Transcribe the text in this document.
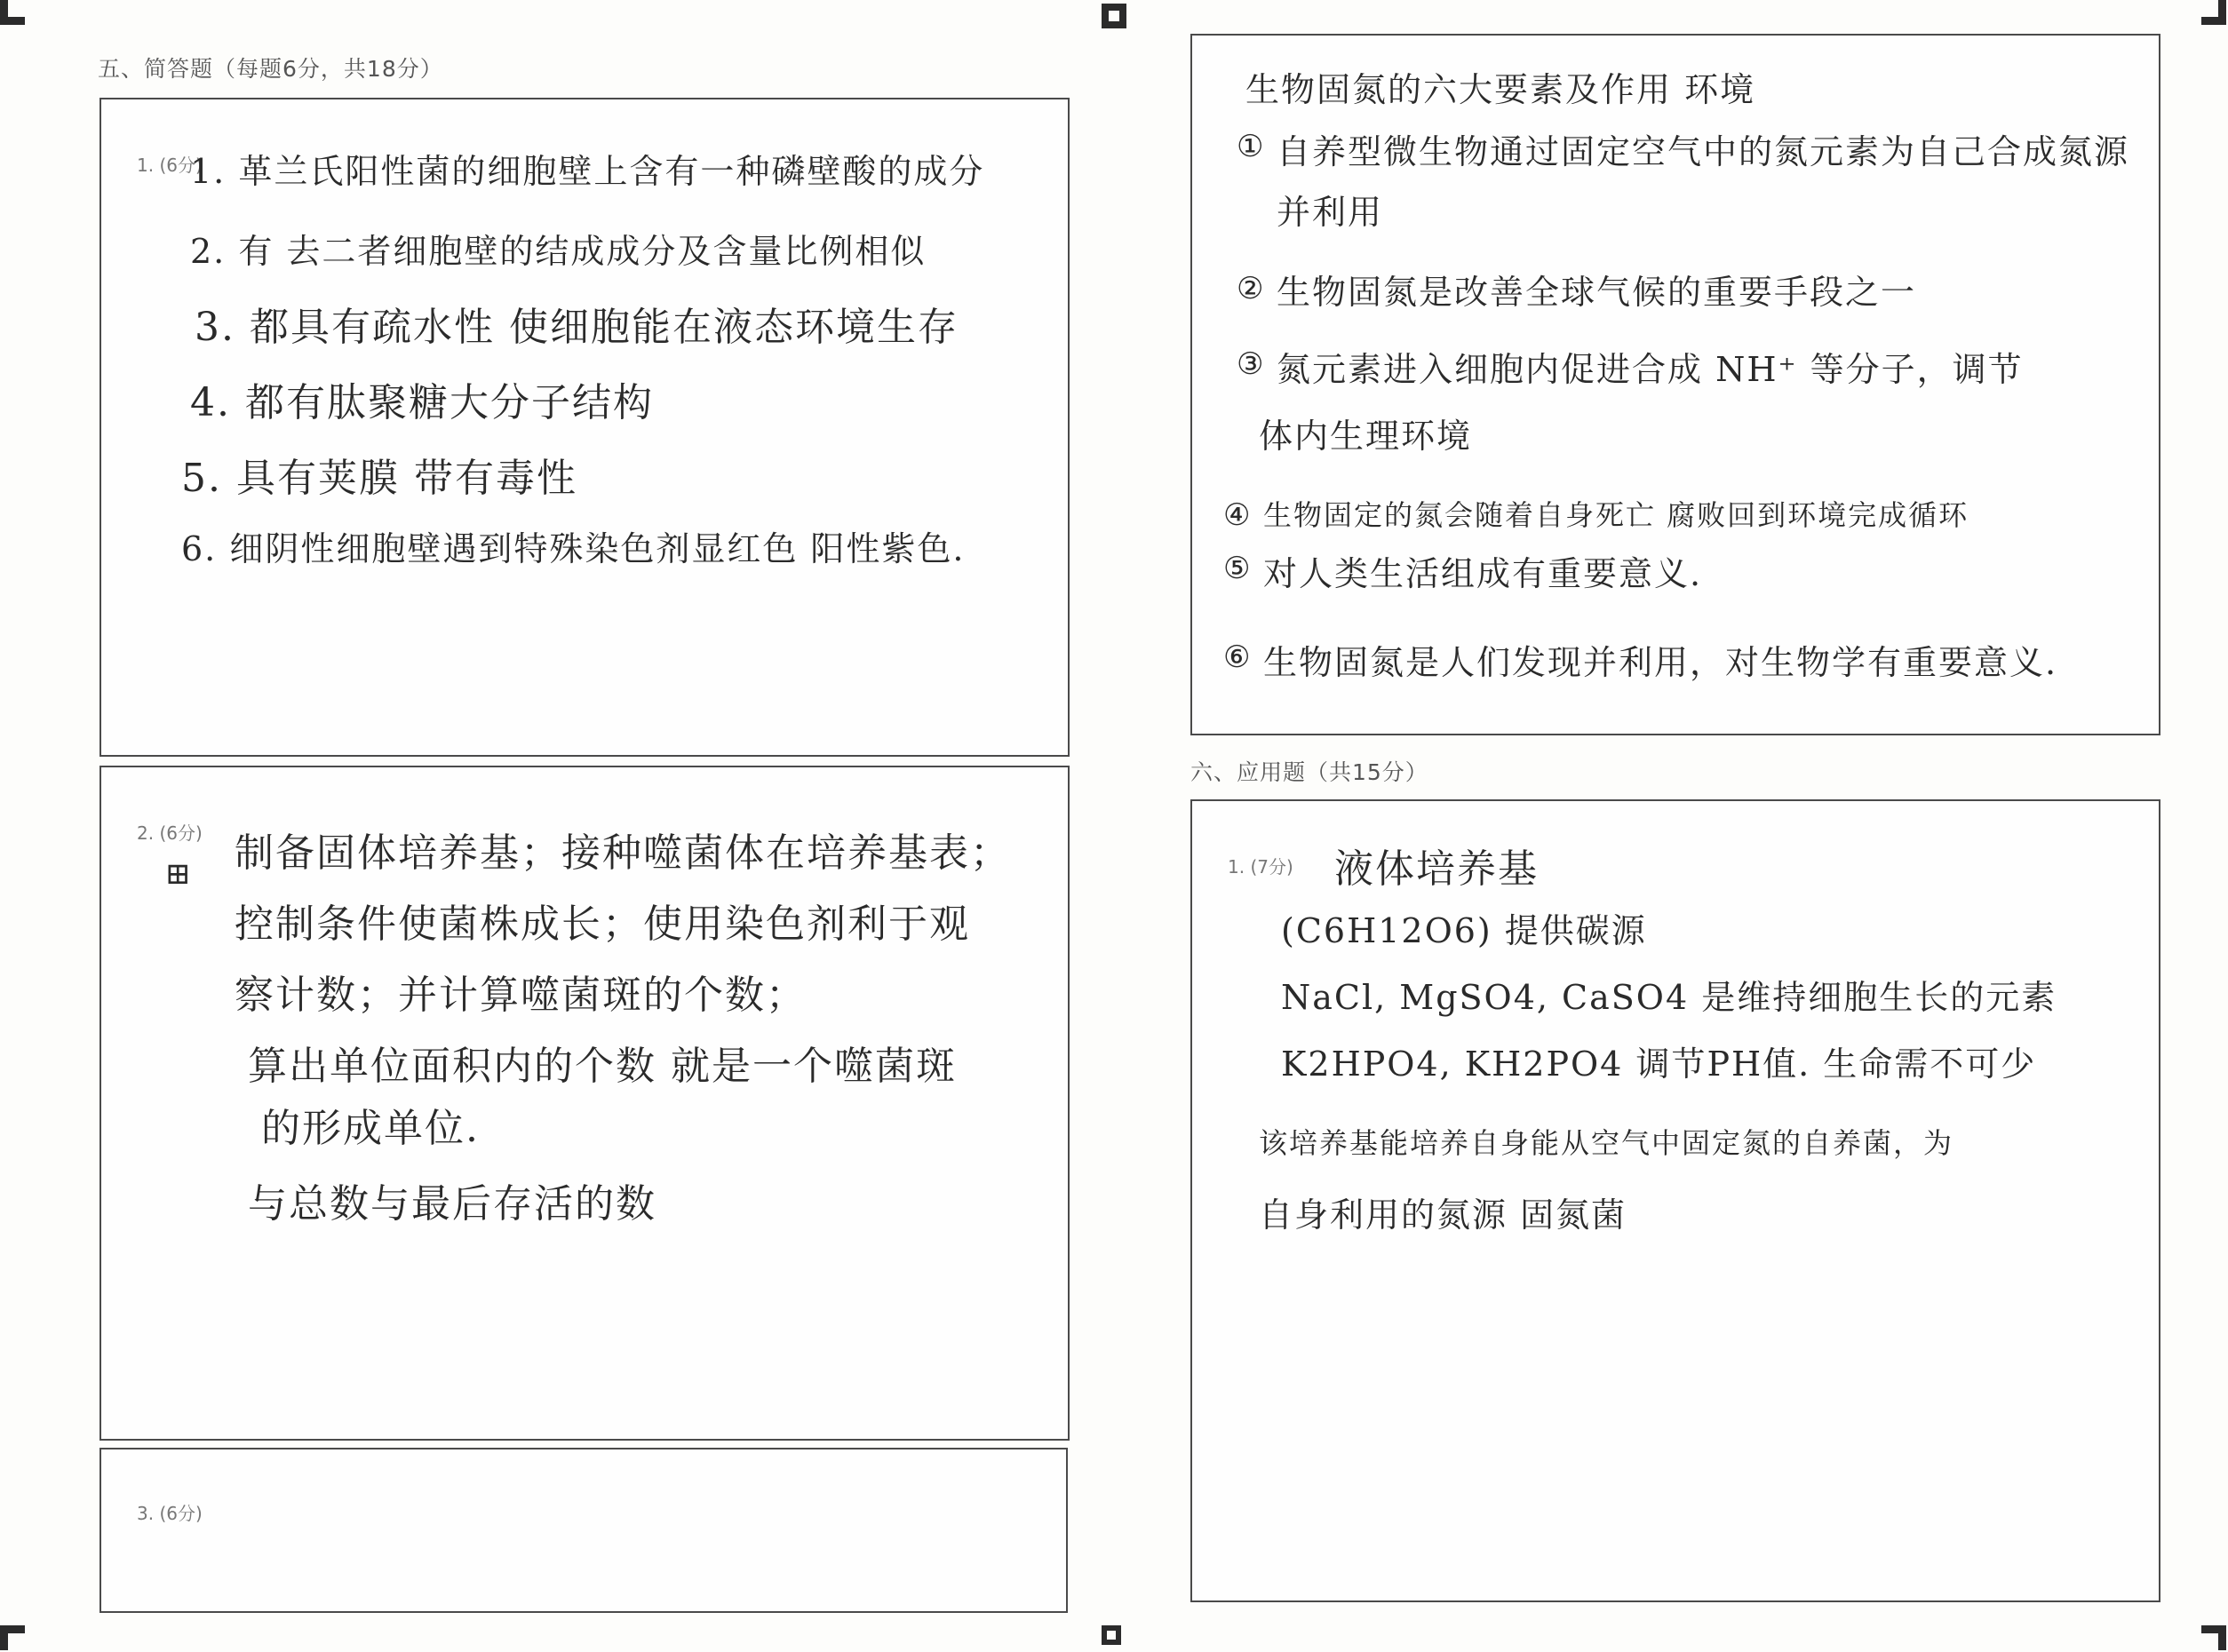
五、简答题（每题6分，共18分）
1. (6分)
1. 革兰氏阳性菌的细胞壁上含有一种磷壁酸的成分
2. 有 去二者细胞壁的结成成分及含量比例相似
3. 都具有疏水性 使细胞能在液态环境生存
4. 都有肽聚糖大分子结构
5. 具有荚膜 带有毒性
6. 细阴性细胞壁遇到特殊染色剂显红色 阳性紫色.
2. (6分)
⊞ 制备固体培养基；接种噬菌体在培养基表；
控制条件使菌株成长；使用染色剂利于观
察计数；并计算噬菌斑的个数；
算出单位面积内的个数 就是一个噬菌斑
的形成单位.
与总数与最后存活的数
3. (6分)
生物固氮的六大要素及作用 环境
① 自养型微生物通过固定空气中的氮元素为自己合成氮源
并利用
② 生物固氮是改善全球气候的重要手段之一
③ 氮元素进入细胞内促进合成 NH⁺ 等分子，调节
体内生理环境
④ 生物固定的氮会随着自身死亡 腐败回到环境完成循环
⑤ 对人类生活组成有重要意义.
⑥ 生物固氮是人们发现并利用，对生物学有重要意义.
六、应用题（共15分）
1. (7分) 液体培养基
(C6H12O6) 提供碳源
NaCl, MgSO4, CaSO4 是维持细胞生长的元素
K2HPO4, KH2PO4 调节PH值. 生命需不可少
该培养基能培养自身能从空气中固定氮的自养菌，为
自身利用的氮源 固氮菌
